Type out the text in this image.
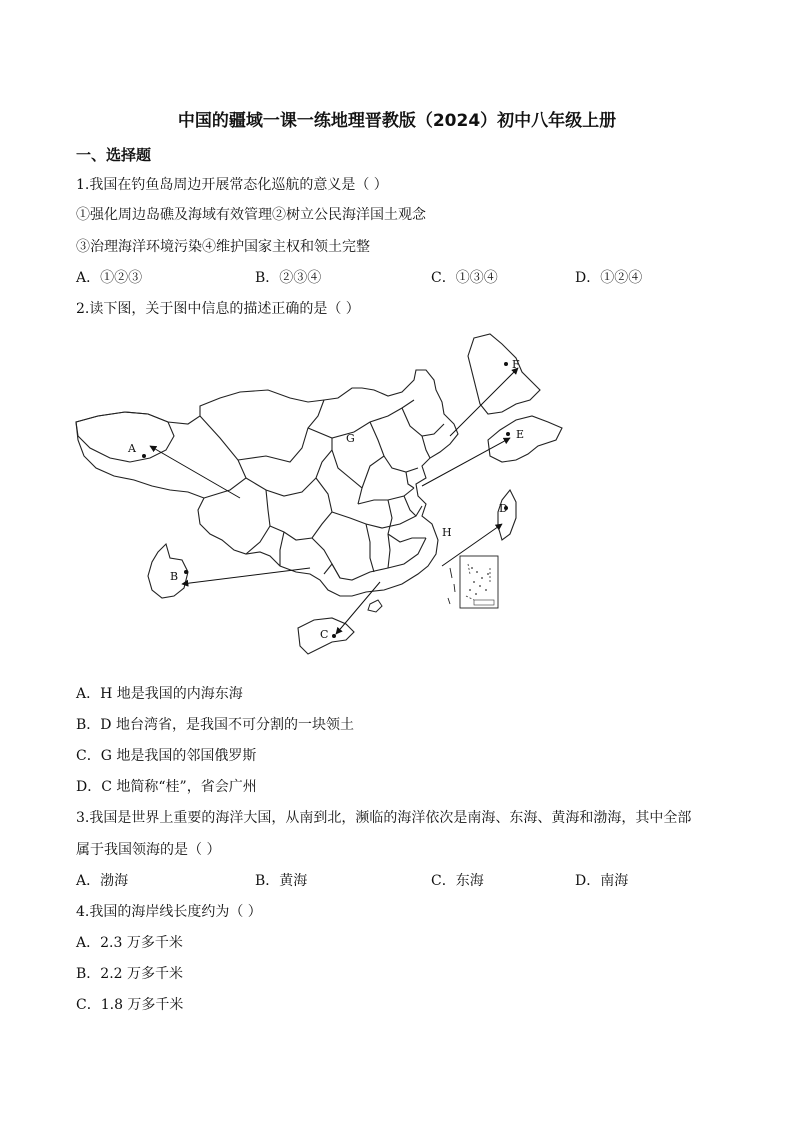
中国的疆域一课一练地理晋教版（2024）初中八年级上册
一、选择题
1.我国在钓鱼岛周边开展常态化巡航的意义是（ ）
①强化周边岛礁及海域有效管理②树立公民海洋国土观念
③治理海洋环境污染④维护国家主权和领土完整
A．①②③	B．②③④	C．①③④	D．①②④
2.读下图，关于图中信息的描述正确的是（ ）
A
B
C
D
E
F
G
H
A．H 地是我国的内海东海
B．D 地台湾省，是我国不可分割的一块领土
C．G 地是我国的邻国俄罗斯
D．C 地简称“桂”，省会广州
3.我国是世界上重要的海洋大国，从南到北，濒临的海洋依次是南海、东海、黄海和渤海，其中全部
属于我国领海的是（ ）
A．渤海	B．黄海	C．东海	D．南海
4.我国的海岸线长度约为（ ）
A．2.3 万多千米
B．2.2 万多千米
C．1.8 万多千米
